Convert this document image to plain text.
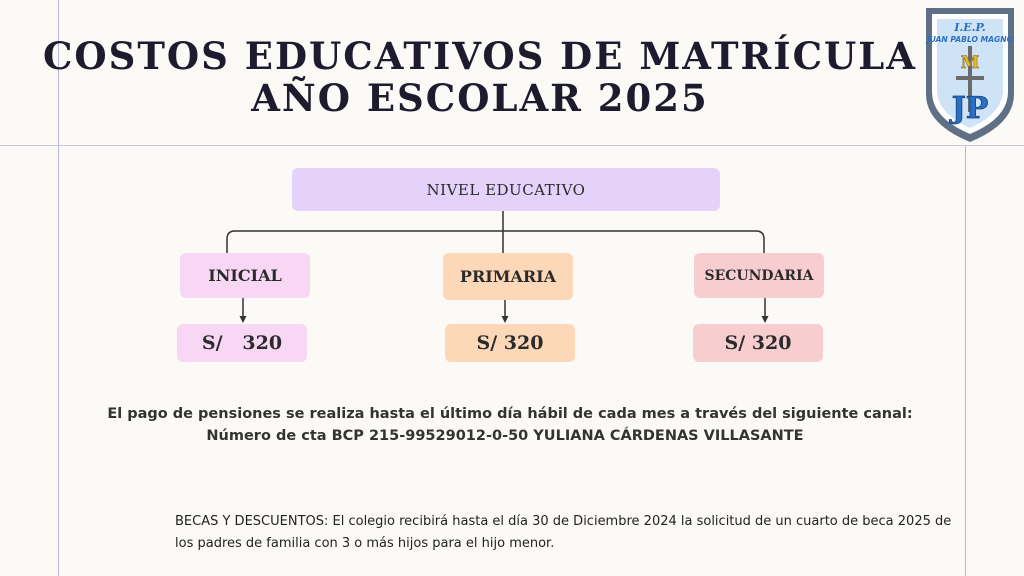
COSTOS EDUCATIVOS DE MATRÍCULA
AÑO ESCOLAR 2025
I.E.P.
JUAN PABLO MAGNO
M
JP
NIVEL EDUCATIVO
INICIAL	PRIMARIA	SECUNDARIA
S/   320	S/ 320	S/ 320
El pago de pensiones se realiza hasta el último día hábil de cada mes a través del siguiente canal:
Número de cta BCP 215-99529012-0-50 YULIANA CÁRDENAS VILLASANTE
BECAS Y DESCUENTOS: El colegio recibirá hasta el día 30 de Diciembre 2024 la solicitud de un cuarto de beca 2025 de los padres de familia con 3 o más hijos para el hijo menor.
